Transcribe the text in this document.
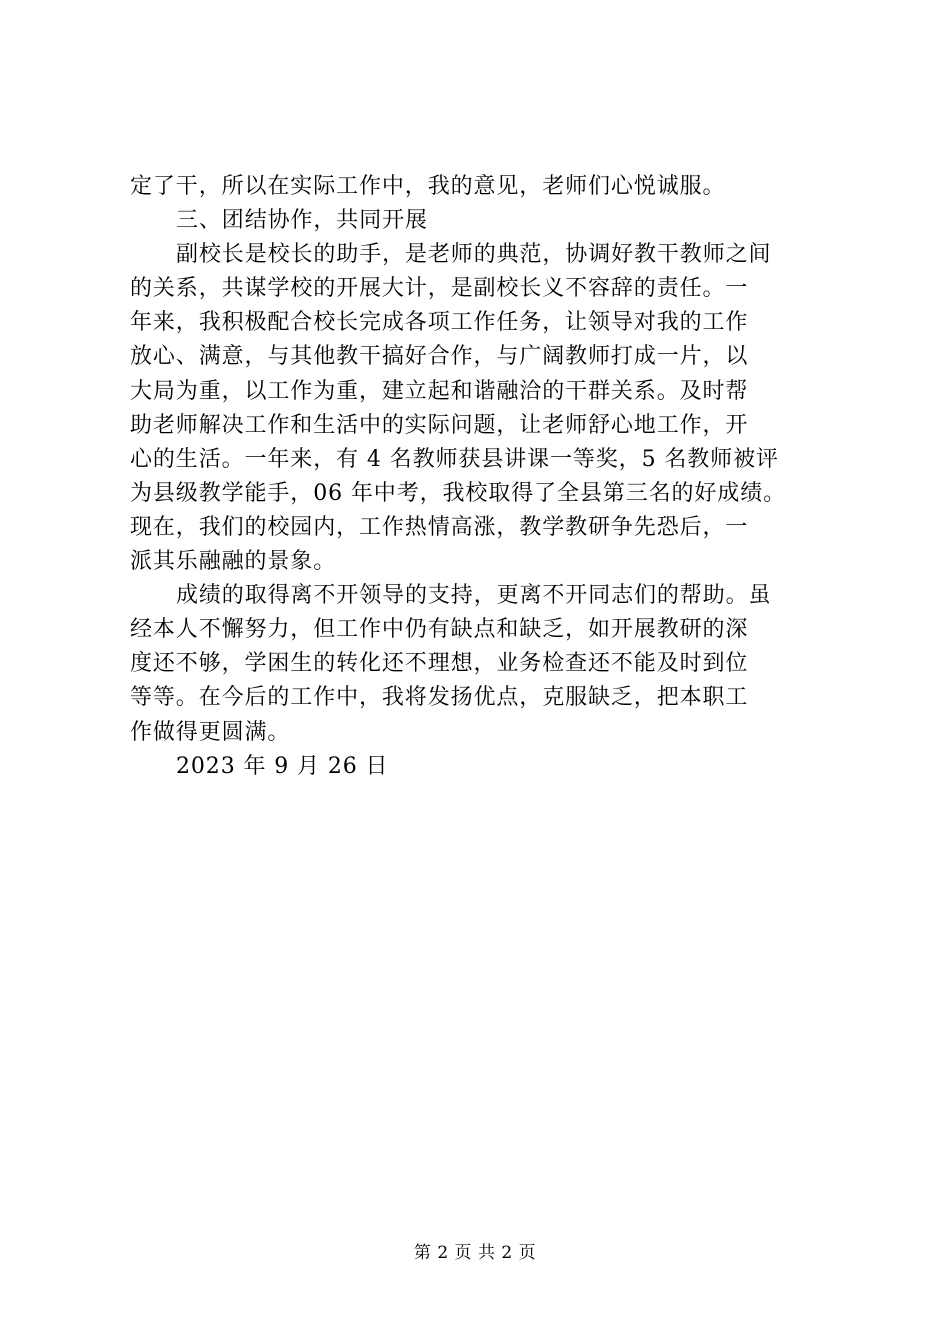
定了干，所以在实际工作中，我的意见，老师们心悦诚服。
三、团结协作，共同开展
副校长是校长的助手，是老师的典范，协调好教干教师之间
的关系，共谋学校的开展大计，是副校长义不容辞的责任。一
年来，我积极配合校长完成各项工作任务，让领导对我的工作
放心、满意，与其他教干搞好合作，与广阔教师打成一片，以
大局为重，以工作为重，建立起和谐融洽的干群关系。及时帮
助老师解决工作和生活中的实际问题，让老师舒心地工作，开
心的生活。一年来，有 4 名教师获县讲课一等奖，5 名教师被评
为县级教学能手，06 年中考，我校取得了全县第三名的好成绩。
现在，我们的校园内，工作热情高涨，教学教研争先恐后，一
派其乐融融的景象。
成绩的取得离不开领导的支持，更离不开同志们的帮助。虽
经本人不懈努力，但工作中仍有缺点和缺乏，如开展教研的深
度还不够，学困生的转化还不理想，业务检查还不能及时到位
等等。在今后的工作中，我将发扬优点，克服缺乏，把本职工
作做得更圆满。
2023 年 9 月 26 日
第 2 页 共 2 页
